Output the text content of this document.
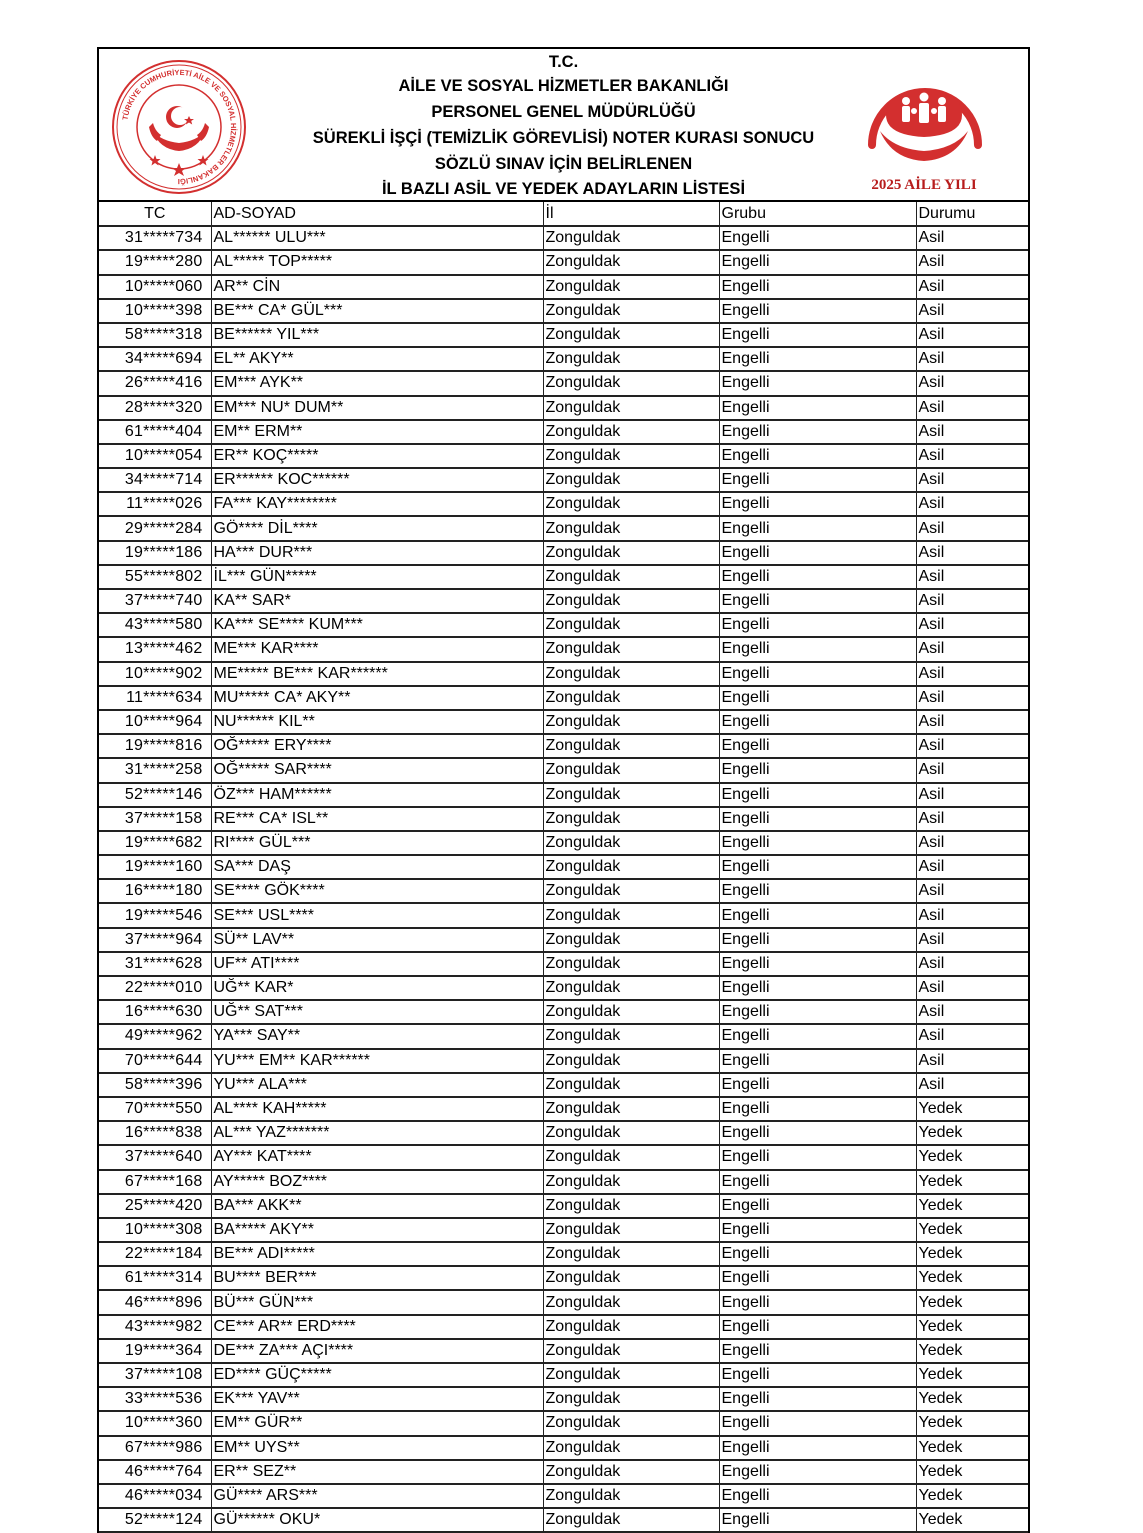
TÜRKİYE CUMHURİYETİ AİLE VE SOSYAL HİZMETLER BAKANLIĞI
T.C.
AİLE VE SOSYAL HİZMETLER BAKANLIĞI
PERSONEL GENEL MÜDÜRLÜĞÜ
SÜREKLİ İŞÇİ (TEMİZLİK GÖREVLİSİ) NOTER KURASI SONUCU
SÖZLÜ SINAV İÇİN BELİRLENEN
İL BAZLI ASİL VE YEDEK ADAYLARIN LİSTESİ	2025 AİLE YILI
TC	AD-SOYAD	İl	Grubu	Durumu
31*****734	AL****** ULU***	Zonguldak	Engelli	Asil
19*****280	AL***** TOP*****	Zonguldak	Engelli	Asil
10*****060	AR** CİN	Zonguldak	Engelli	Asil
10*****398	BE*** CA* GÜL***	Zonguldak	Engelli	Asil
58*****318	BE****** YIL***	Zonguldak	Engelli	Asil
34*****694	EL** AKY**	Zonguldak	Engelli	Asil
26*****416	EM*** AYK**	Zonguldak	Engelli	Asil
28*****320	EM*** NU* DUM**	Zonguldak	Engelli	Asil
61*****404	EM** ERM**	Zonguldak	Engelli	Asil
10*****054	ER** KOÇ*****	Zonguldak	Engelli	Asil
34*****714	ER****** KOC******	Zonguldak	Engelli	Asil
11*****026	FA*** KAY********	Zonguldak	Engelli	Asil
29*****284	GÖ**** DİL****	Zonguldak	Engelli	Asil
19*****186	HA*** DUR***	Zonguldak	Engelli	Asil
55*****802	İL*** GÜN*****	Zonguldak	Engelli	Asil
37*****740	KA** SAR*	Zonguldak	Engelli	Asil
43*****580	KA*** SE**** KUM***	Zonguldak	Engelli	Asil
13*****462	ME*** KAR****	Zonguldak	Engelli	Asil
10*****902	ME***** BE*** KAR******	Zonguldak	Engelli	Asil
11*****634	MU***** CA* AKY**	Zonguldak	Engelli	Asil
10*****964	NU****** KIL**	Zonguldak	Engelli	Asil
19*****816	OĞ***** ERY****	Zonguldak	Engelli	Asil
31*****258	OĞ***** SAR****	Zonguldak	Engelli	Asil
52*****146	ÖZ*** HAM******	Zonguldak	Engelli	Asil
37*****158	RE*** CA* ISL**	Zonguldak	Engelli	Asil
19*****682	RI**** GÜL***	Zonguldak	Engelli	Asil
19*****160	SA*** DAŞ	Zonguldak	Engelli	Asil
16*****180	SE**** GÖK****	Zonguldak	Engelli	Asil
19*****546	SE*** USL****	Zonguldak	Engelli	Asil
37*****964	SÜ** LAV**	Zonguldak	Engelli	Asil
31*****628	UF** ATI****	Zonguldak	Engelli	Asil
22*****010	UĞ** KAR*	Zonguldak	Engelli	Asil
16*****630	UĞ** SAT***	Zonguldak	Engelli	Asil
49*****962	YA*** SAY**	Zonguldak	Engelli	Asil
70*****644	YU*** EM** KAR******	Zonguldak	Engelli	Asil
58*****396	YU*** ALA***	Zonguldak	Engelli	Asil
70*****550	AL**** KAH*****	Zonguldak	Engelli	Yedek
16*****838	AL*** YAZ*******	Zonguldak	Engelli	Yedek
37*****640	AY*** KAT****	Zonguldak	Engelli	Yedek
67*****168	AY***** BOZ****	Zonguldak	Engelli	Yedek
25*****420	BA*** AKK**	Zonguldak	Engelli	Yedek
10*****308	BA***** AKY**	Zonguldak	Engelli	Yedek
22*****184	BE*** ADI*****	Zonguldak	Engelli	Yedek
61*****314	BU**** BER***	Zonguldak	Engelli	Yedek
46*****896	BÜ*** GÜN***	Zonguldak	Engelli	Yedek
43*****982	CE*** AR** ERD****	Zonguldak	Engelli	Yedek
19*****364	DE*** ZA*** AÇI****	Zonguldak	Engelli	Yedek
37*****108	ED**** GÜÇ*****	Zonguldak	Engelli	Yedek
33*****536	EK*** YAV**	Zonguldak	Engelli	Yedek
10*****360	EM** GÜR**	Zonguldak	Engelli	Yedek
67*****986	EM** UYS**	Zonguldak	Engelli	Yedek
46*****764	ER** SEZ**	Zonguldak	Engelli	Yedek
46*****034	GÜ**** ARS***	Zonguldak	Engelli	Yedek
52*****124	GÜ****** OKU*	Zonguldak	Engelli	Yedek
